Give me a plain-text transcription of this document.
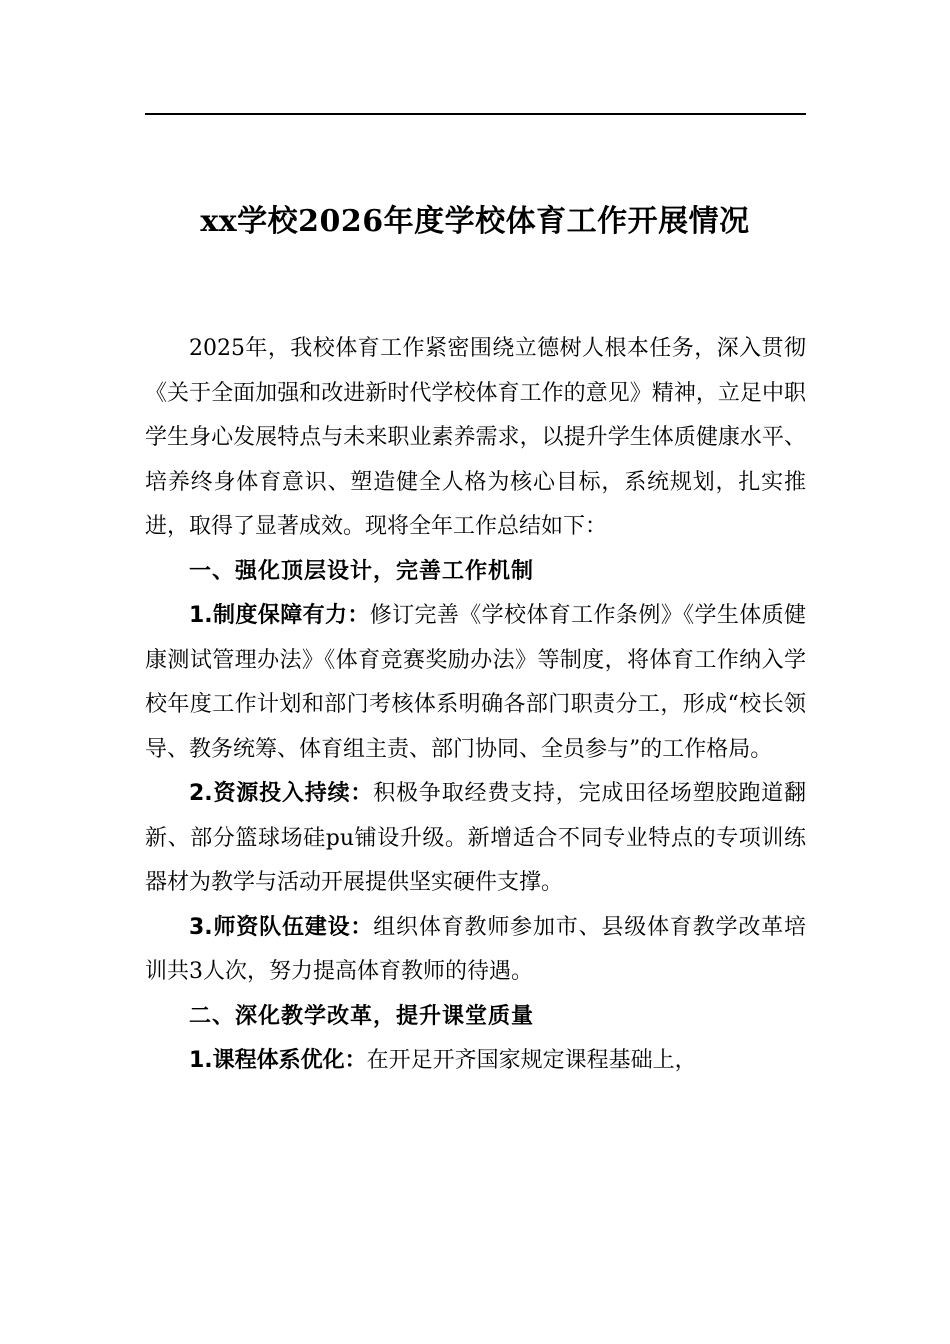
xx学校2026年度学校体育工作开展情况

2025年，我校体育工作紧密围绕立德树人根本任务，深入贯彻《关于全面加强和改进新时代学校体育工作的意见》精神，立足中职学生身心发展特点与未来职业素养需求，以提升学生体质健康水平、培养终身体育意识、塑造健全人格为核心目标，系统规划，扎实推进，取得了显著成效。现将全年工作总结如下：

一、强化顶层设计，完善工作机制

1.制度保障有力：修订完善《学校体育工作条例》《学生体质健康测试管理办法》《体育竞赛奖励办法》等制度，将体育工作纳入学校年度工作计划和部门考核体系明确各部门职责分工，形成“校长领导、教务统筹、体育组主责、部门协同、全员参与”的工作格局。

2.资源投入持续：积极争取经费支持，完成田径场塑胶跑道翻新、部分篮球场硅pu铺设升级。新增适合不同专业特点的专项训练器材为教学与活动开展提供坚实硬件支撑。

3.师资队伍建设：组织体育教师参加市、县级体育教学改革培训共3人次，努力提高体育教师的待遇。

二、深化教学改革，提升课堂质量

1.课程体系优化：在开足开齐国家规定课程基础上，
